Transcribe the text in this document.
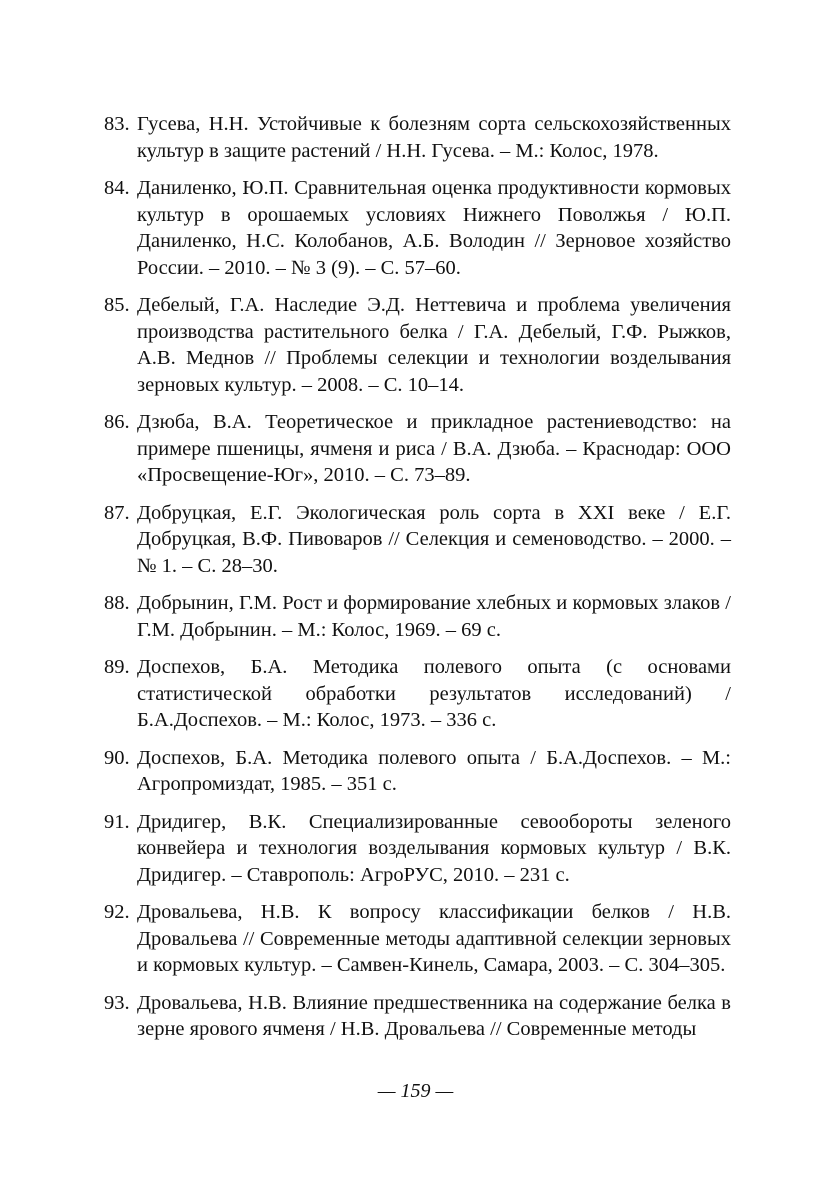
83. Гусева, Н.Н. Устойчивые к болезням сорта сельскохозяйственных культур в защите растений / Н.Н. Гусева. – М.: Колос, 1978.
84. Даниленко, Ю.П. Сравнительная оценка продуктивности кормовых культур в орошаемых условиях Нижнего Поволжья / Ю.П. Даниленко, Н.С. Колобанов, А.Б. Володин // Зерновое хозяйство России. – 2010. – № 3 (9). – С. 57–60.
85. Дебелый, Г.А. Наследие Э.Д. Неттевича и проблема увеличения производства растительного белка / Г.А. Дебелый, Г.Ф. Рыжков, А.В. Меднов // Проблемы селекции и технологии возделывания зерновых культур. – 2008. – С. 10–14.
86. Дзюба, В.А. Теоретическое и прикладное растениеводство: на примере пшеницы, ячменя и риса / В.А. Дзюба. – Краснодар: ООО «Просвещение-Юг», 2010. – С. 73–89.
87. Добруцкая, Е.Г. Экологическая роль сорта в XXI веке / Е.Г. Добруцкая, В.Ф. Пивоваров // Селекция и семеноводство. – 2000. – № 1. – С. 28–30.
88. Добрынин, Г.М. Рост и формирование хлебных и кормовых злаков / Г.М. Добрынин. – М.: Колос, 1969. – 69 с.
89. Доспехов, Б.А. Методика полевого опыта (с основами статистической обработки результатов исследований) / Б.А.Доспехов. – М.: Колос, 1973. – 336 с.
90. Доспехов, Б.А. Методика полевого опыта / Б.А.Доспехов. – М.: Агропромиздат, 1985. – 351 с.
91. Дридигер, В.К. Специализированные севообороты зеленого конвейера и технология возделывания кормовых культур / В.К. Дридигер. – Ставрополь: АгроРУС, 2010. – 231 с.
92. Дровальева, Н.В. К вопросу классификации белков / Н.В. Дровальева // Современные методы адаптивной селекции зерновых и кормовых культур. – Самвен-Кинель, Самара, 2003. – С. 304–305.
93. Дровальева, Н.В. Влияние предшественника на содержание белка в зерне ярового ячменя / Н.В. Дровальева // Современные методы
— 159 —
